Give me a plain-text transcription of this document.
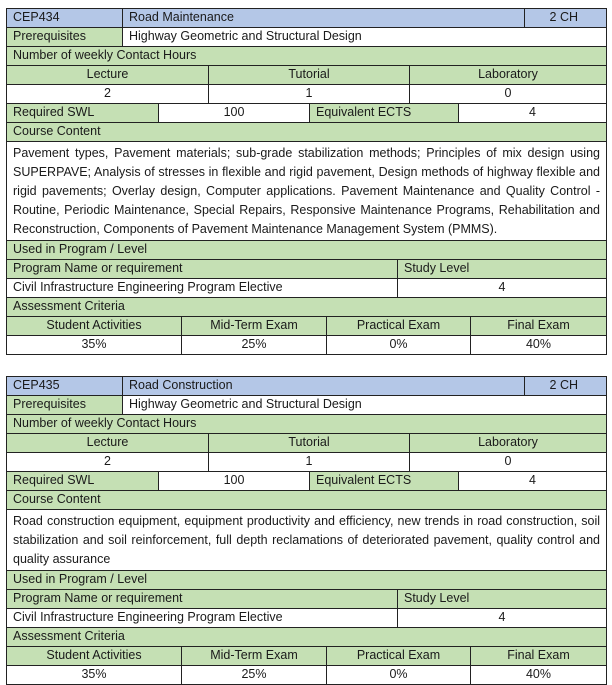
CEP434	Road Maintenance	2 CH
Prerequisites	Highway Geometric and Structural Design
Number of weekly Contact Hours
Lecture	Tutorial	Laboratory
2	1	0
Required SWL	100	Equivalent ECTS	4
Course Content
Pavement types, Pavement materials; sub-grade stabilization methods; Principles of mix design using SUPERPAVE; Analysis of stresses in flexible and rigid pavement, Design methods of highway flexible and rigid pavements; Overlay design, Computer applications. Pavement Maintenance and Quality Control - Routine, Periodic Maintenance, Special Repairs, Responsive Maintenance Programs, Rehabilitation and Reconstruction, Components of Pavement Maintenance Management System (PMMS).
Used in Program / Level
Program Name or requirement	Study Level
Civil Infrastructure Engineering Program Elective	4
Assessment Criteria
Student Activities	Mid-Term Exam	Practical Exam	Final Exam
35%	25%	0%	40%
CEP435	Road Construction	2 CH
Prerequisites	Highway Geometric and Structural Design
Number of weekly Contact Hours
Lecture	Tutorial	Laboratory
2	1	0
Required SWL	100	Equivalent ECTS	4
Course Content
Road construction equipment, equipment productivity and efficiency, new trends in road construction, soil stabilization and soil reinforcement, full depth reclamations of deteriorated pavement, quality control and quality assurance
Used in Program / Level
Program Name or requirement	Study Level
Civil Infrastructure Engineering Program Elective	4
Assessment Criteria
Student Activities	Mid-Term Exam	Practical Exam	Final Exam
35%	25%	0%	40%
